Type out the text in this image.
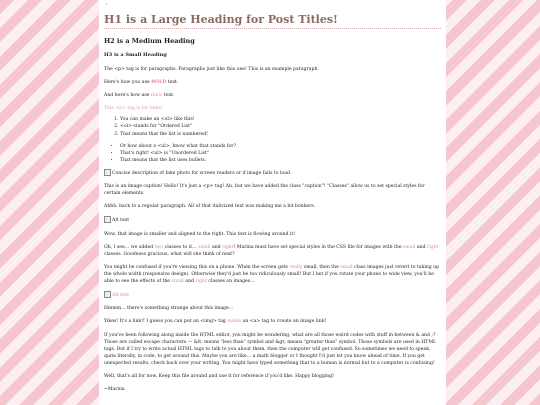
•
H1 is a Large Heading for Post Titles!
H2 is a Medium Heading
H3 is a Small Heading

The <p> tag is for paragraphs. Paragraphs just like this one! This is an example paragraph.

Here's how you use BOLD text.

And here's how use italic text.

This <p> tag is for links!

1. You can make an <ol> like this!
2. <ol> stands for "Ordered List"
3. That means that the list is numbered!
• Or how about a <ul>, know what that stands for?
• That's right! <ul> is "Unordered List"
• That means that the list uses bullets.

Concise description of fake photo for screen readers or if image fails to load.

This is an image caption! Hello! It's just a <p> tag! Ah, but we have added the class "caption"! "Classes" allow us to set special styles for certain elements.

Ahhh, back to a regular paragraph. All of that italicized text was making me a bit bonkers.

Alt text

Wow, that image is smaller and aligned to the right. This text is flowing around it!

Oh, I see… we added two classes to it… small and right! Marina must have set special styles in the CSS file for images with the small and right classes. Goodness gracious, what will she think of next?

You might be confused if you're viewing this on a phone. When the screen gets really small, then the small class images just revert to taking up the whole width (responsive design). Otherwise they'd just be too ridiculously small! But I bet if you rotate your phone to wide view, you'll be able to see the effects of the small and right classes on images…

Alt text

Hmmm… there's something strange about this image…

Yikes! It's a link!! I guess you can put an <img> tag inside an <a> tag to create an image link!

If you've been following along inside the HTML editor, you might be wondering, what are all those weird codes with stuff in-between & and ;? Those are called escape characters — &lt; means "less than" symbol and &gt; means "greater than" symbol. Those symbols are used in HTML tags. But if I try to write actual HTML tags to talk to you about them, then the computer will get confused. So sometimes we need to speak, quite literally, in code, to get around this. Maybe you are like… a math blogger or I thought I'd just let you know ahead of time. If you get unexpected results, check back over your writing. You might have typed something that to a human is normal but to a computer is confusing!

Well, that's all for now. Keep this file around and use it for reference if you'd like. Happy blogging!

~Marina
